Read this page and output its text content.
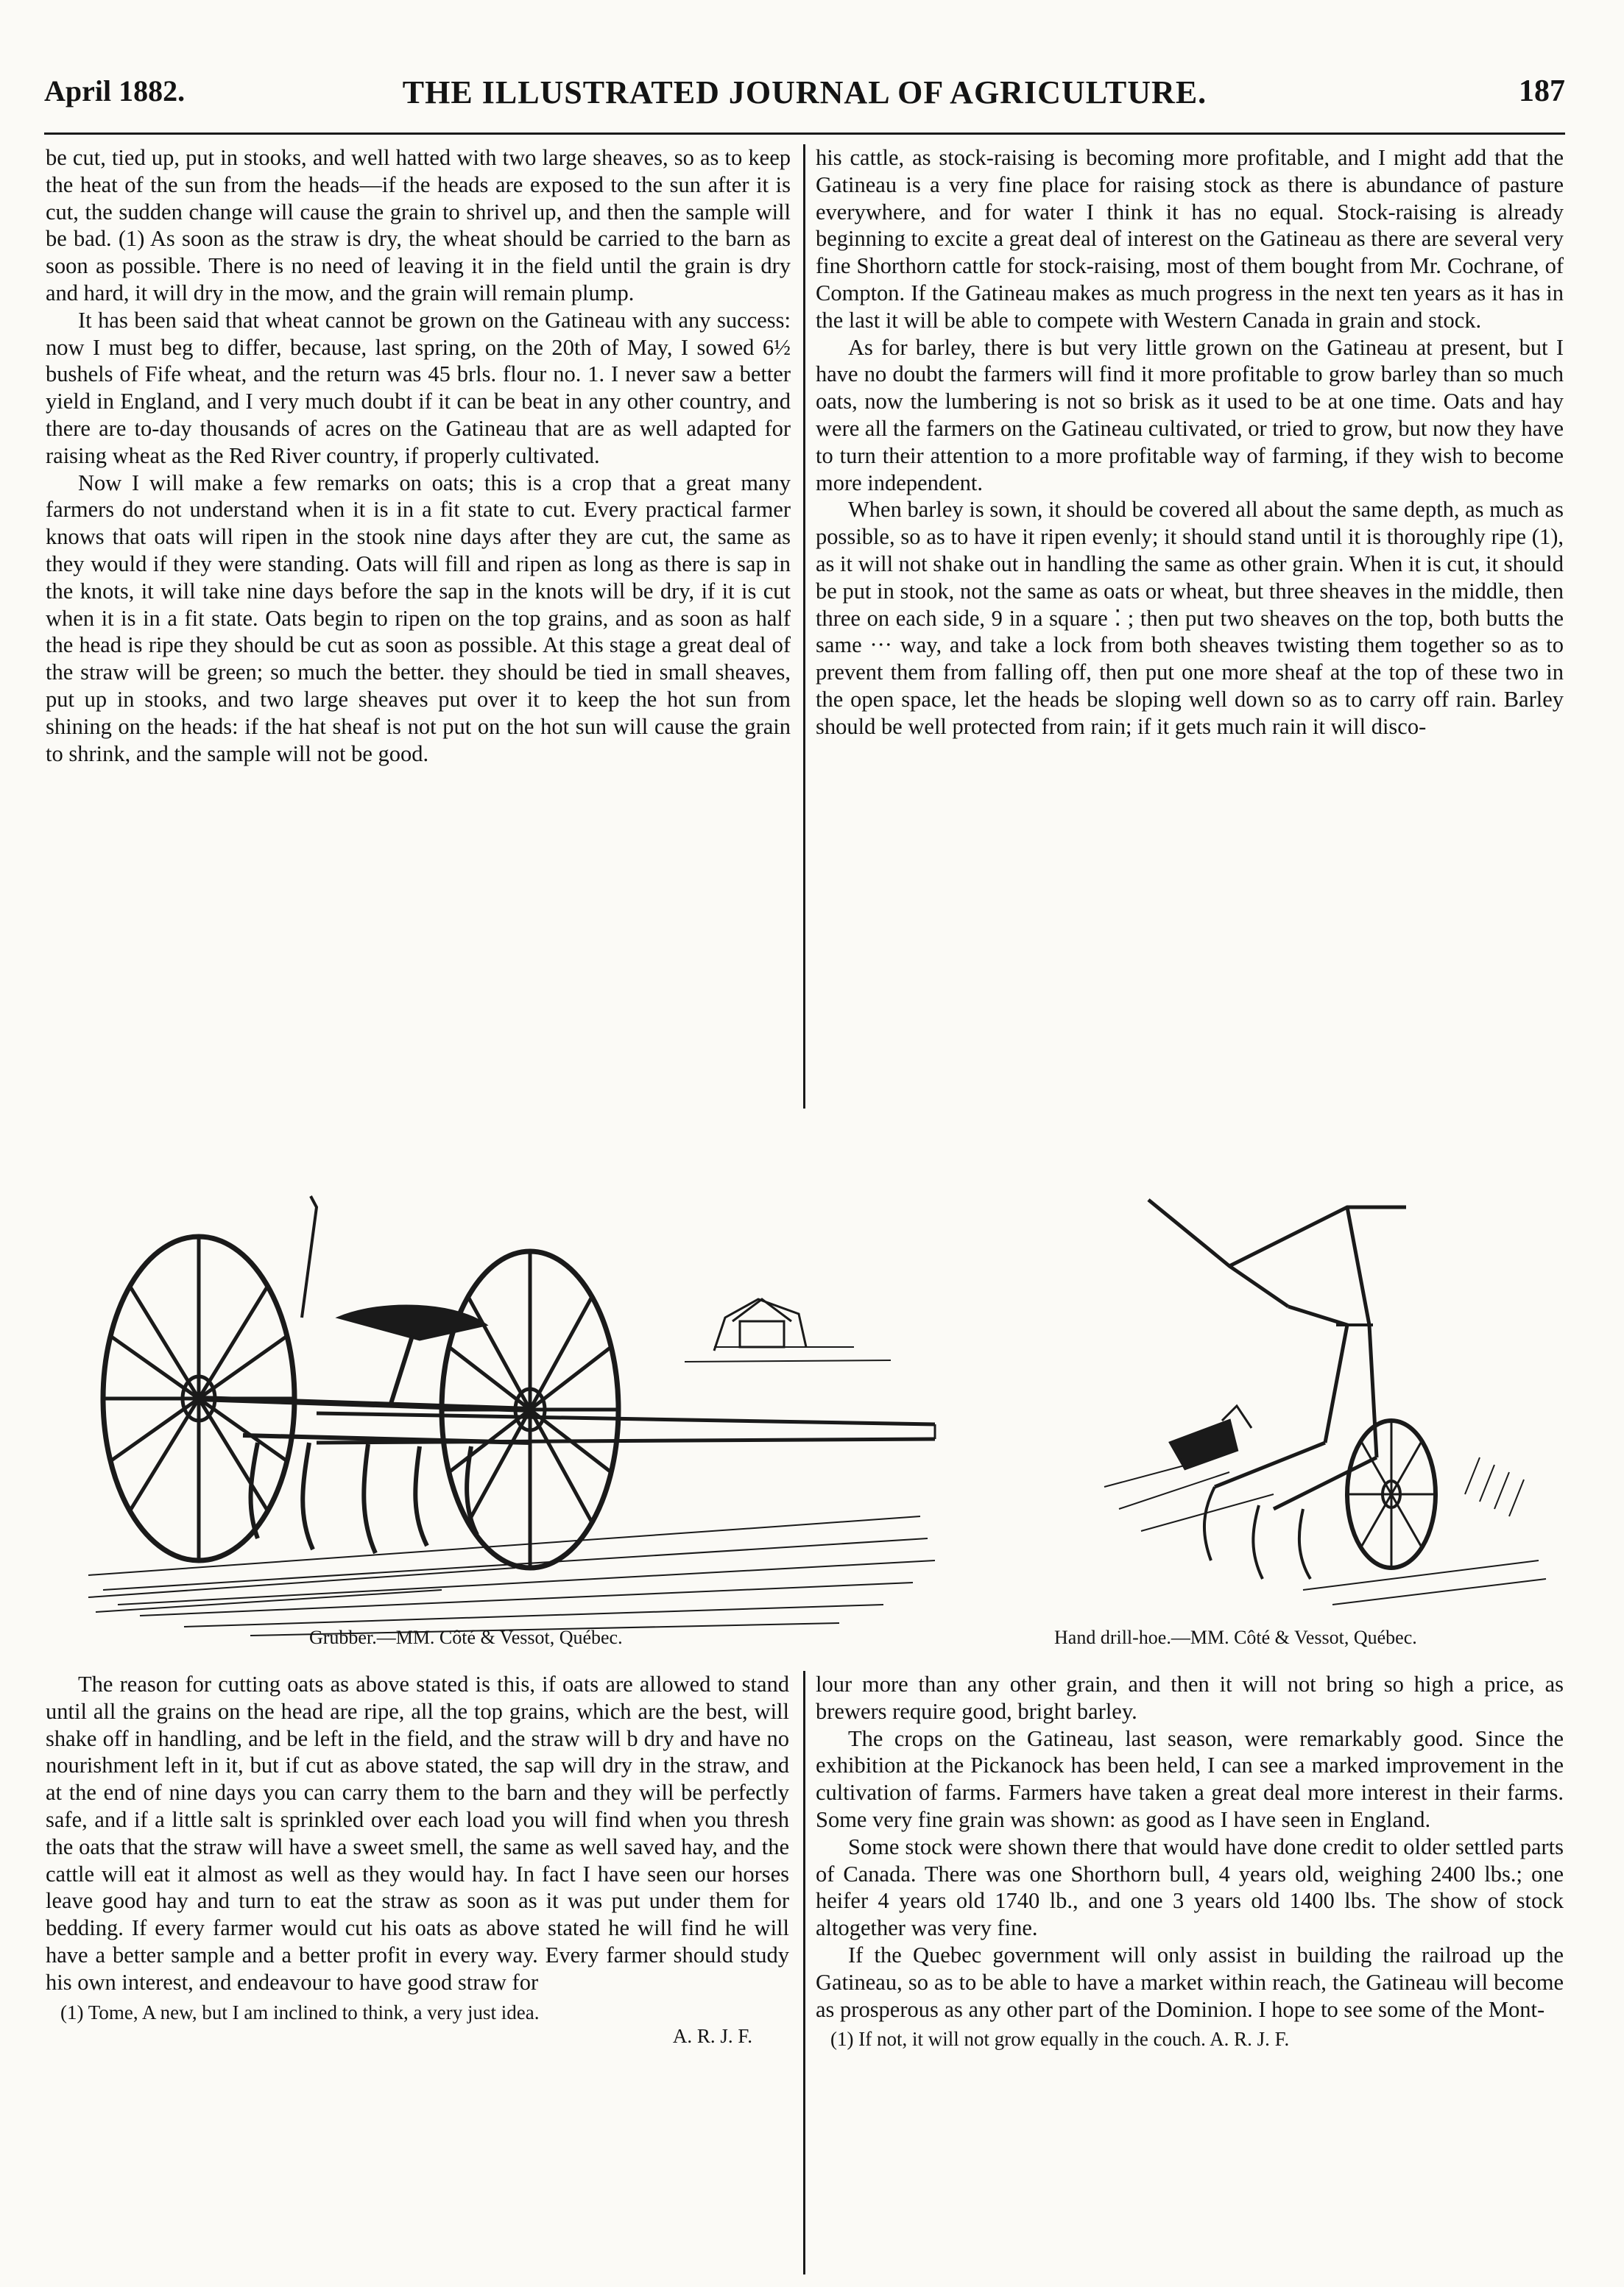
April 1882.	THE ILLUSTRATED JOURNAL OF AGRICULTURE.	187

be cut, tied up, put in stooks, and well hatted with two large sheaves, so as to keep the heat of the sun from the heads—if the heads are exposed to the sun after it is cut, the sudden change will cause the grain to shrivel up, and then the sample will be bad. (1) As soon as the straw is dry, the wheat should be carried to the barn as soon as possible. There is no need of leaving it in the field until the grain is dry and hard, it will dry in the mow, and the grain will remain plump.

It has been said that wheat cannot be grown on the Gatineau with any success: now I must beg to differ, because, last spring, on the 20th of May, I sowed 6½ bushels of Fife wheat, and the return was 45 brls. flour no. 1. I never saw a better yield in England, and I very much doubt if it can be beat in any other country, and there are to-day thousands of acres on the Gatineau that are as well adapted for raising wheat as the Red River country, if properly cultivated.

Now I will make a few remarks on oats; this is a crop that a great many farmers do not understand when it is in a fit state to cut. Every practical farmer knows that oats will ripen in the stook nine days after they are cut, the same as they would if they were standing. Oats will fill and ripen as long as there is sap in the knots, it will take nine days before the sap in the knots will be dry, if it is cut when it is in a fit state. Oats begin to ripen on the top grains, and as soon as half the head is ripe they should be cut as soon as possible. At this stage a great deal of the straw will be green; so much the better. they should be tied in small sheaves, put up in stooks, and two large sheaves put over it to keep the hot sun from shining on the heads: if the hat sheaf is not put on the hot sun will cause the grain to shrink, and the sample will not be good.

his cattle, as stock-raising is becoming more profitable, and I might add that the Gatineau is a very fine place for raising stock as there is abundance of pasture everywhere, and for water I think it has no equal. Stock-raising is already beginning to excite a great deal of interest on the Gatineau as there are several very fine Shorthorn cattle for stock-raising, most of them bought from Mr. Cochrane, of Compton. If the Gatineau makes as much progress in the next ten years as it has in the last it will be able to compete with Western Canada in grain and stock.

As for barley, there is but very little grown on the Gatineau at present, but I have no doubt the farmers will find it more profitable to grow barley than so much oats, now the lumbering is not so brisk as it used to be at one time. Oats and hay were all the farmers on the Gatineau cultivated, or tried to grow, but now they have to turn their attention to a more profitable way of farming, if they wish to become more independent.

When barley is sown, it should be covered all about the same depth, as much as possible, so as to have it ripen evenly; it should stand until it is thoroughly ripe (1), as it will not shake out in handling the same as other grain. When it is cut, it should be put in stook, not the same as oats or wheat, but three sheaves in the middle, then three on each side, 9 in a square ⁚ ; then put two sheaves on the top, both butts the same ··· way, and take a lock from both sheaves twisting them together so as to prevent them from falling off, then put one more sheaf at the top of these two in the open space, let the heads be sloping well down so as to carry off rain. Barley should be well protected from rain; if it gets much rain it will disco-

Grubber.—MM. Côté & Vessot, Québec.	Hand drill-hoe.—MM. Côté & Vessot, Québec.

The reason for cutting oats as above stated is this, if oats are allowed to stand until all the grains on the head are ripe, all the top grains, which are the best, will shake off in handling, and be left in the field, and the straw will b dry and have no nourishment left in it, but if cut as above stated, the sap will dry in the straw, and at the end of nine days you can carry them to the barn and they will be perfectly safe, and if a little salt is sprinkled over each load you will find when you thresh the oats that the straw will have a sweet smell, the same as well saved hay, and the cattle will eat it almost as well as they would hay. In fact I have seen our horses leave good hay and turn to eat the straw as soon as it was put under them for bedding. If every farmer would cut his oats as above stated he will find he will have a better sample and a better profit in every way. Every farmer should study his own interest, and endeavour to have good straw for

(1) Tome, A new, but I am inclined to think, a very just idea.

A. R. J. F.

lour more than any other grain, and then it will not bring so high a price, as brewers require good, bright barley.

The crops on the Gatineau, last season, were remarkably good. Since the exhibition at the Pickanock has been held, I can see a marked improvement in the cultivation of farms. Farmers have taken a great deal more interest in their farms. Some very fine grain was shown: as good as I have seen in England.

Some stock were shown there that would have done credit to older settled parts of Canada. There was one Shorthorn bull, 4 years old, weighing 2400 lbs.; one heifer 4 years old 1740 lb., and one 3 years old 1400 lbs. The show of stock altogether was very fine.

If the Quebec government will only assist in building the railroad up the Gatineau, so as to be able to have a market within reach, the Gatineau will become as prosperous as any other part of the Dominion. I hope to see some of the Mont-

(1) If not, it will not grow equally in the couch. A. R. J. F.
